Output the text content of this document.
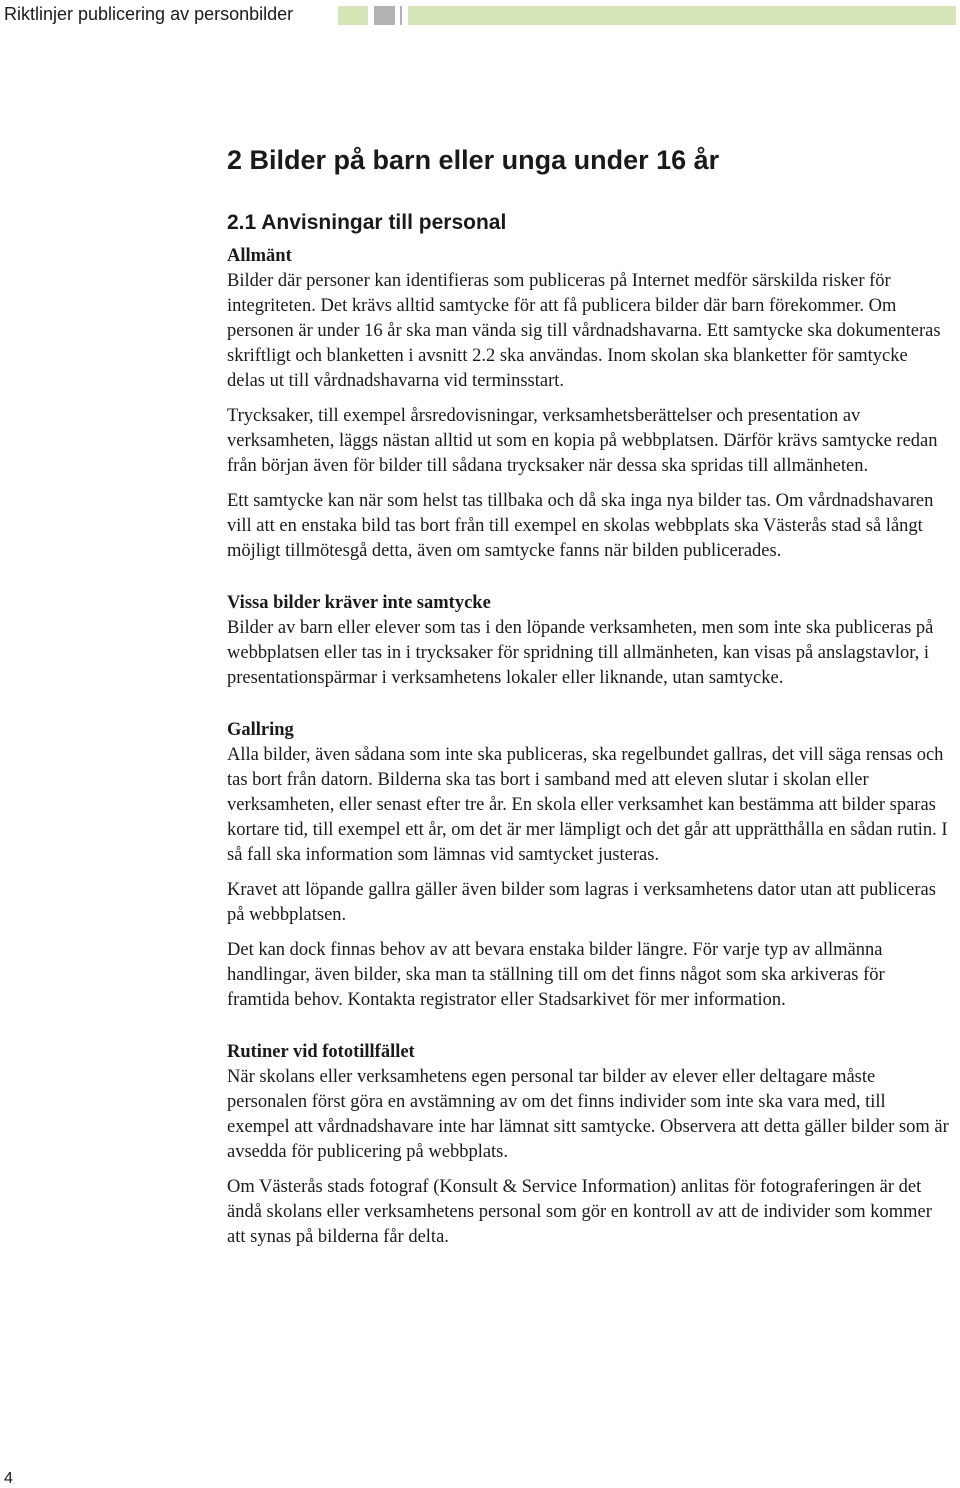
Riktlinjer publicering av personbilder
2 Bilder på barn eller unga under 16 år
2.1 Anvisningar till personal
Allmänt

Bilder där personer kan identifieras som publiceras på Internet medför särskilda risker för integriteten. Det krävs alltid samtycke för att få publicera bilder där barn förekommer. Om personen är under 16 år ska man vända sig till vårdnadshavarna. Ett samtycke ska dokumenteras skriftligt och blanketten i avsnitt 2.2 ska användas. Inom skolan ska blanketter för samtycke delas ut till vårdnadshavarna vid terminsstart.

Trycksaker, till exempel årsredovisningar, verksamhetsberättelser och presentation av verksamheten, läggs nästan alltid ut som en kopia på webbplatsen. Därför krävs samtycke redan från början även för bilder till sådana trycksaker när dessa ska spridas till allmänheten.

Ett samtycke kan när som helst tas tillbaka och då ska inga nya bilder tas. Om vårdnadshavaren vill att en enstaka bild tas bort från till exempel en skolas webbplats ska Västerås stad så långt möjligt tillmötesgå detta, även om samtycke fanns när bilden publicerades.

Vissa bilder kräver inte samtycke

Bilder av barn eller elever som tas i den löpande verksamheten, men som inte ska publiceras på webbplatsen eller tas in i trycksaker för spridning till allmänheten, kan visas på anslagstavlor, i presentationspärmar i verksamhetens lokaler eller liknande, utan samtycke.

Gallring

Alla bilder, även sådana som inte ska publiceras, ska regelbundet gallras, det vill säga rensas och tas bort från datorn. Bilderna ska tas bort i samband med att eleven slutar i skolan eller verksamheten, eller senast efter tre år. En skola eller verksamhet kan bestämma att bilder sparas kortare tid, till exempel ett år, om det är mer lämpligt och det går att upprätthålla en sådan rutin. I så fall ska information som lämnas vid samtycket justeras.

Kravet att löpande gallra gäller även bilder som lagras i verksamhetens dator utan att publiceras på webbplatsen.

Det kan dock finnas behov av att bevara enstaka bilder längre. För varje typ av allmänna handlingar, även bilder, ska man ta ställning till om det finns något som ska arkiveras för framtida behov. Kontakta registrator eller Stadsarkivet för mer information.

Rutiner vid fototillfället

När skolans eller verksamhetens egen personal tar bilder av elever eller deltagare måste personalen först göra en avstämning av om det finns individer som inte ska vara med, till exempel att vårdnadshavare inte har lämnat sitt samtycke. Observera att detta gäller bilder som är avsedda för publicering på webbplats.

Om Västerås stads fotograf (Konsult & Service Information) anlitas för fotograferingen är det ändå skolans eller verksamhetens personal som gör en kontroll av att de individer som kommer att synas på bilderna får delta.

4
